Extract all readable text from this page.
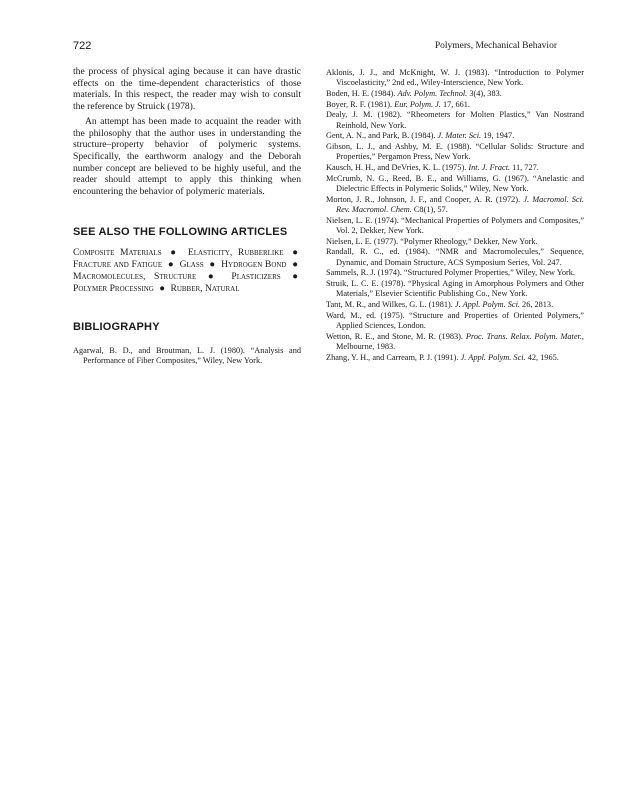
722	Polymers, Mechanical Behavior

the process of physical aging because it can have drastic effects on the time-dependent characteristics of those materials. In this respect, the reader may wish to consult the reference by Struick (1978).

An attempt has been made to acquaint the reader with the philosophy that the author uses in understanding the structure–property behavior of polymeric systems. Specifically, the earthworm analogy and the Deborah number concept are believed to be highly useful, and the reader should attempt to apply this thinking when encountering the behavior of polymeric materials.

SEE ALSO THE FOLLOWING ARTICLES
Composite Materials ● Elasticity, Rubberlike ● Fracture and Fatigue ● Glass ● Hydrogen Bond ● Macromolecules, Structure ● Plasticizers ● Polymer Processing ● Rubber, Natural
BIBLIOGRAPHY

Agarwal, B. D., and Broutman, L. J. (1980). “Analysis and Performance of Fiber Composites,” Wiley, New York.

Aklonis, J. J., and McKnight, W. J. (1983). “Introduction to Polymer Viscoelasticity,” 2nd ed., Wiley-Interscience, New York.

Boden, H. E. (1984). Adv. Polym. Technol. 3(4), 383.

Boyer, R. F. (1981). Eur. Polym. J. 17, 661.

Dealy, J. M. (1982). “Rheometers for Molten Plastics,” Van Nostrand Reinhold, New York.

Gent, A. N., and Park, B. (1984). J. Mater. Sci. 19, 1947.

Gibson, L. J., and Ashby, M. E. (1988). “Cellular Solids: Structure and Properties,” Pergamon Press, New York.

Kausch, H. H., and DeVries, K. L. (1975). Int. J. Fract. 11, 727.

McCrumb, N. G., Reed, B. E., and Williams, G. (1967). “Anelastic and Dielectric Effects in Polymeric Solids,” Wiley, New York.

Morton, J. R., Johnson, J. F., and Cooper, A. R. (1972). J. Macromol. Sci. Rev. Macromol. Chem. C8(1), 57.

Nielsen, L. E. (1974). “Mechanical Properties of Polymers and Composites,” Vol. 2, Dekker, New York.

Nielsen, L. E. (1977). “Polymer Rheology,” Dekker, New York.

Randall, R. C., ed. (1984). “NMR and Macromolecules,” Sequence, Dynamic, and Domain Structure, ACS Symposium Series, Vol. 247.

Sammels, R. J. (1974). “Structured Polymer Properties,” Wiley, New York.

Struik, L. C. E. (1978). “Physical Aging in Amorphous Polymers and Other Materials,” Elsevier Scientific Publishing Co., New York.

Tant, M. R., and Wilkes, G. L. (1981). J. Appl. Polym. Sci. 26, 2813.

Ward, M., ed. (1975). “Structure and Properties of Oriented Polymers,” Applied Sciences, London.

Wetton, R. E., and Stone, M. R. (1983). Proc. Trans. Relax. Polym. Mater., Melbourne, 1983.

Zhang, Y. H., and Carream, P. J. (1991). J. Appl. Polym. Sci. 42, 1965.
